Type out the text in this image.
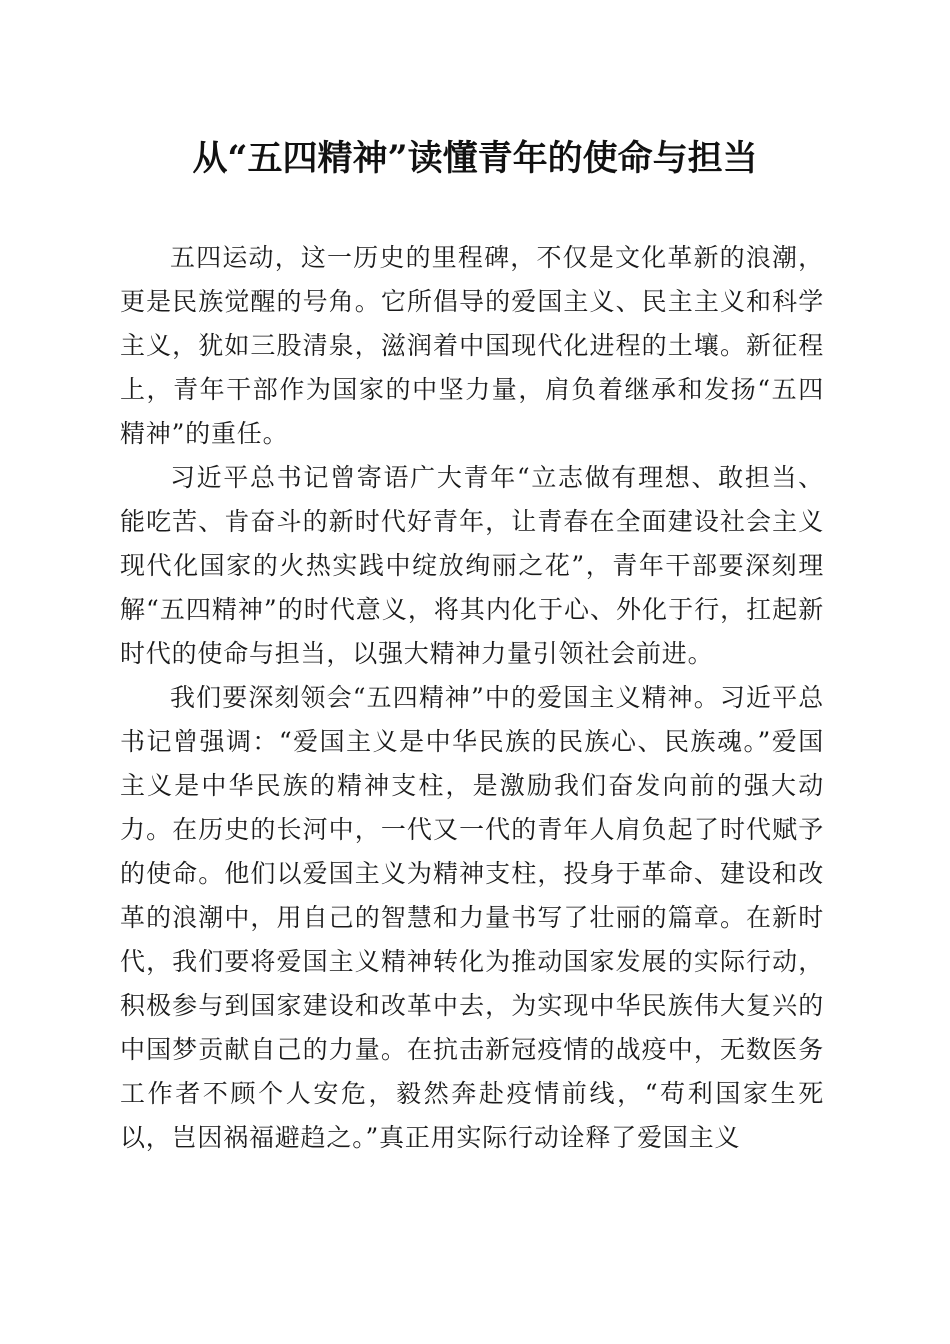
从“五四精神”读懂青年的使命与担当

五四运动，这一历史的里程碑，不仅是文化革新的浪潮，更是民族觉醒的号角。它所倡导的爱国主义、民主主义和科学主义，犹如三股清泉，滋润着中国现代化进程的土壤。新征程上，青年干部作为国家的中坚力量，肩负着继承和发扬“五四精神”的重任。

习近平总书记曾寄语广大青年“立志做有理想、敢担当、能吃苦、肯奋斗的新时代好青年，让青春在全面建设社会主义现代化国家的火热实践中绽放绚丽之花”，青年干部要深刻理解“五四精神”的时代意义，将其内化于心、外化于行，扛起新时代的使命与担当，以强大精神力量引领社会前进。

我们要深刻领会“五四精神”中的爱国主义精神。习近平总书记曾强调：“爱国主义是中华民族的民族心、民族魂。”爱国主义是中华民族的精神支柱，是激励我们奋发向前的强大动力。在历史的长河中，一代又一代的青年人肩负起了时代赋予的使命。他们以爱国主义为精神支柱，投身于革命、建设和改革的浪潮中，用自己的智慧和力量书写了壮丽的篇章。在新时代，我们要将爱国主义精神转化为推动国家发展的实际行动，积极参与到国家建设和改革中去，为实现中华民族伟大复兴的中国梦贡献自己的力量。在抗击新冠疫情的战疫中，无数医务工作者不顾个人安危，毅然奔赴疫情前线，“苟利国家生死以，岂因祸福避趋之。”真正用实际行动诠释了爱国主义
